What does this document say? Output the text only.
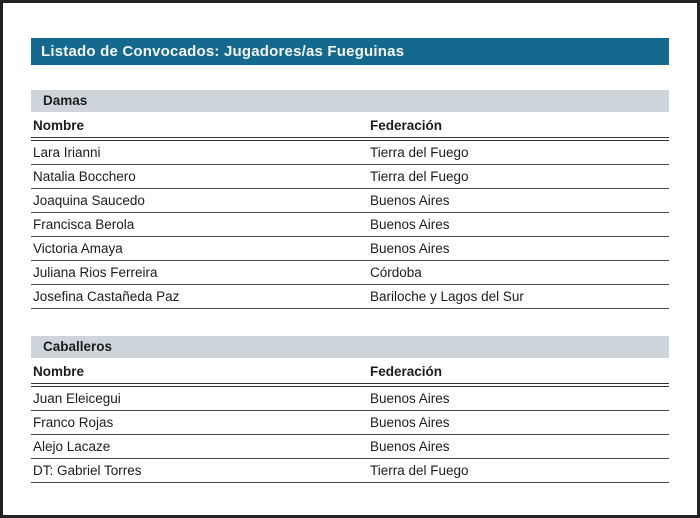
Listado de Convocados: Jugadores/as Fueguinas
Damas
Nombre	Federación
Lara Irianni	Tierra del Fuego
Natalia Bocchero	Tierra del Fuego
Joaquina Saucedo	Buenos Aires
Francisca Berola	Buenos Aires
Victoria Amaya	Buenos Aires
Juliana Rios Ferreira	Córdoba
Josefina Castañeda Paz	Bariloche y Lagos del Sur
Caballeros
Nombre	Federación
Juan Eleicegui	Buenos Aires
Franco Rojas	Buenos Aires
Alejo Lacaze	Buenos Aires
DT: Gabriel Torres	Tierra del Fuego
